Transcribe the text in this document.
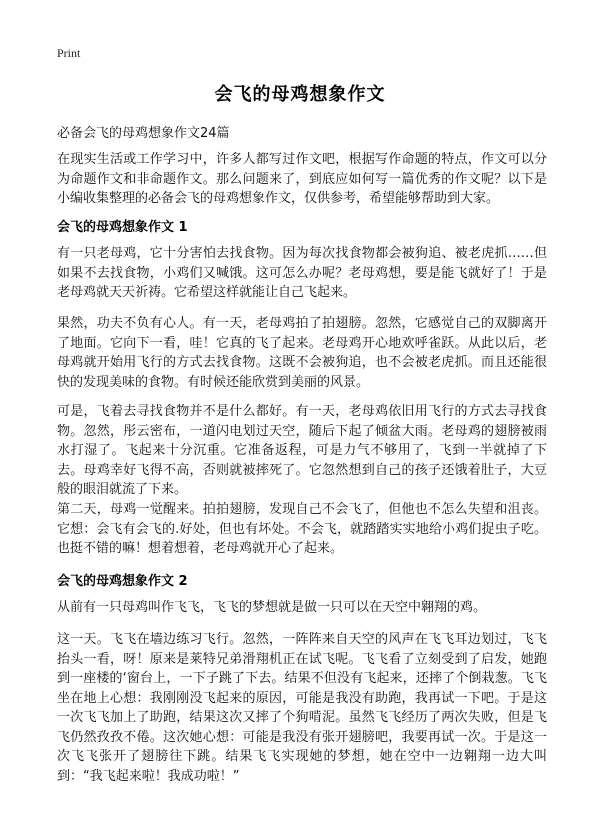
Print
会飞的母鸡想象作文
必备会飞的母鸡想象作文24篇

在现实生活或工作学习中，许多人都写过作文吧，根据写作命题的特点，作文可以分为命题作文和非命题作文。那么问题来了，到底应如何写一篇优秀的作文呢？以下是小编收集整理的必备会飞的母鸡想象作文，仅供参考，希望能够帮助到大家。

会飞的母鸡想象作文 1

有一只老母鸡，它十分害怕去找食物。因为每次找食物都会被狗追、被老虎抓……但如果不去找食物，小鸡们又喊饿。这可怎么办呢？老母鸡想，要是能飞就好了！于是老母鸡就天天祈祷。它希望这样就能让自己飞起来。

果然，功夫不负有心人。有一天，老母鸡拍了拍翅膀。忽然，它感觉自己的双脚离开了地面。它向下一看，哇！它真的飞了起来。老母鸡开心地欢呼雀跃。从此以后，老母鸡就开始用飞行的方式去找食物。这既不会被狗追，也不会被老虎抓。而且还能很快的发现美味的食物。有时候还能欣赏到美丽的风景。

可是，飞着去寻找食物并不是什么都好。有一天，老母鸡依旧用飞行的方式去寻找食物。忽然，彤云密布，一道闪电划过天空，随后下起了倾盆大雨。老母鸡的翅膀被雨水打湿了。飞起来十分沉重。它准备返程，可是力气不够用了，飞到一半就掉了下去。母鸡幸好飞得不高，否则就被摔死了。它忽然想到自己的孩子还饿着肚子，大豆般的眼泪就流了下来。

第二天，母鸡一觉醒来。拍拍翅膀，发现自己不会飞了，但他也不怎么失望和沮丧。它想：会飞有会飞的.好处，但也有坏处。不会飞，就踏踏实实地给小鸡们捉虫子吃。也挺不错的嘛！想着想着，老母鸡就开心了起来。

会飞的母鸡想象作文 2

从前有一只母鸡叫作飞飞，飞飞的梦想就是做一只可以在天空中翱翔的鸡。

这一天。飞飞在墙边练习飞行。忽然，一阵阵来自天空的风声在飞飞耳边划过，飞飞抬头一看，呀！原来是莱特兄弟滑翔机正在试飞呢。飞飞看了立刻受到了启发，她跑到一座楼的‘窗台上，一下子跳了下去。结果不但没有飞起来，还摔了个倒栽葱。飞飞坐在地上心想：我刚刚没飞起来的原因，可能是我没有助跑，我再试一下吧。于是这一次飞飞加上了助跑，结果这次又摔了个狗啃泥。虽然飞飞经历了两次失败，但是飞飞仍然孜孜不倦。这次她心想：可能是我没有张开翅膀吧，我要再试一次。于是这一次飞飞张开了翅膀往下跳。结果飞飞实现她的梦想，她在空中一边翱翔一边大叫到：“我飞起来啦！我成功啦！”
